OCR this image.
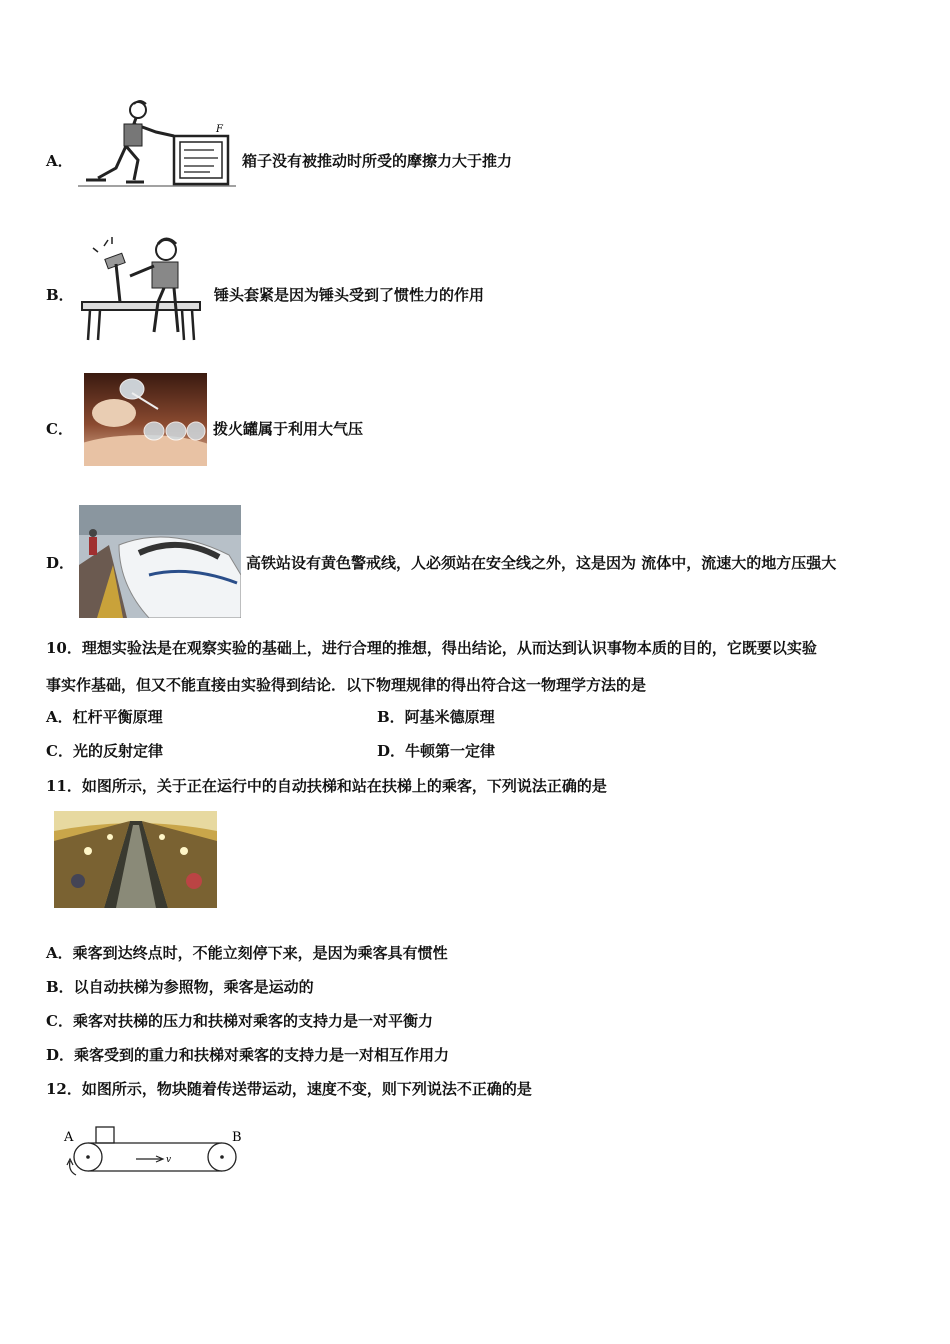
A．
F
箱子没有被推动时所受的摩擦力大于推力
B．	锤头套紧是因为锤头受到了惯性力的作用
C．	拨火罐属于利用大气压
D．	高铁站设有黄色警戒线，人必须站在安全线之外，这是因为 流体中，流速大的地方压强大
10．理想实验法是在观察实验的基础上，进行合理的推想，得出结论，从而达到认识事物本质的目的，它既要以实验
事实作基础，但又不能直接由实验得到结论．以下物理规律的得出符合这一物理学方法的是
A．杠杆平衡原理	B．阿基米德原理
C．光的反射定律	D．牛顿第一定律
11．如图所示，关于正在运行中的自动扶梯和站在扶梯上的乘客，下列说法正确的是
A．乘客到达终点时，不能立刻停下来，是因为乘客具有惯性
B．以自动扶梯为参照物，乘客是运动的
C．乘客对扶梯的压力和扶梯对乘客的支持力是一对平衡力
D．乘客受到的重力和扶梯对乘客的支持力是一对相互作用力
12．如图所示，物块随着传送带运动，速度不变，则下列说法不正确的是
v
A	B
